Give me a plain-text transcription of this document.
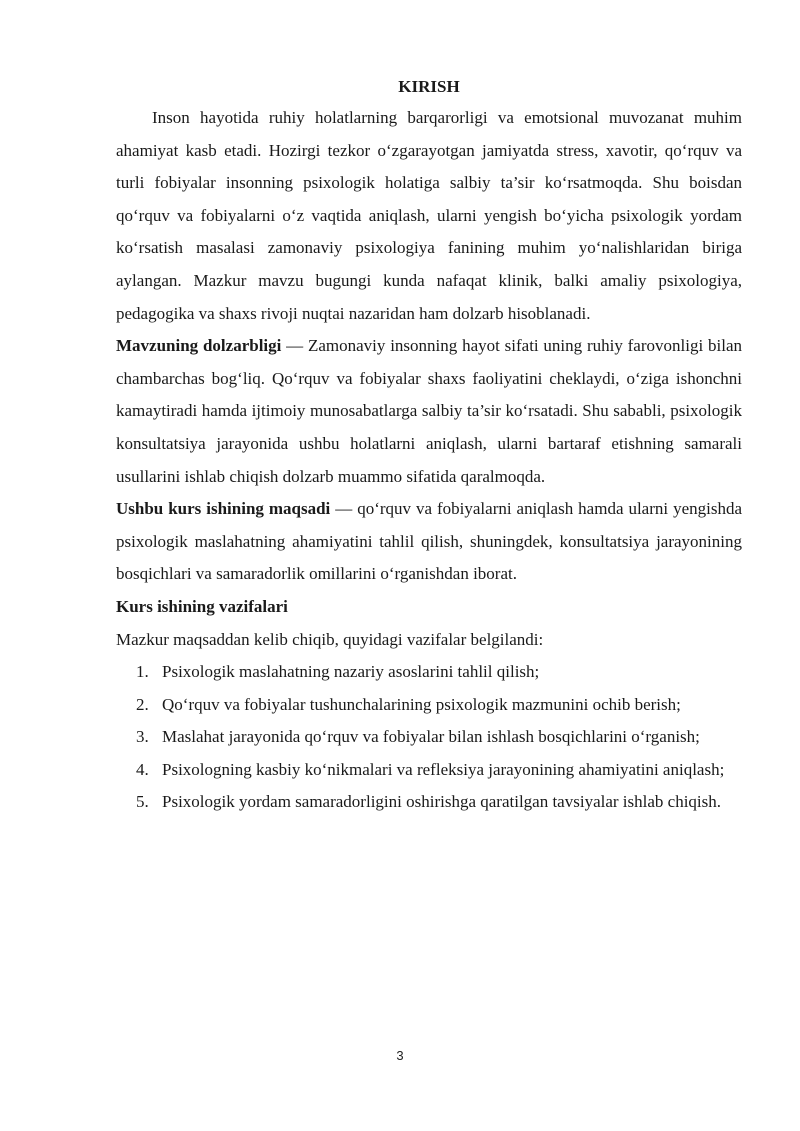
KIRISH

Inson hayotida ruhiy holatlarning barqarorligi va emotsional muvozanat muhim ahamiyat kasb etadi. Hozirgi tezkor o‘zgarayotgan jamiyatda stress, xavotir, qo‘rquv va turli fobiyalar insonning psixologik holatiga salbiy ta’sir ko‘rsatmoqda. Shu boisdan qo‘rquv va fobiyalarni o‘z vaqtida aniqlash, ularni yengish bo‘yicha psixologik yordam ko‘rsatish masalasi zamonaviy psixologiya fanining muhim yo‘nalishlaridan biriga aylangan. Mazkur mavzu bugungi kunda nafaqat klinik, balki amaliy psixologiya, pedagogika va shaxs rivoji nuqtai nazaridan ham dolzarb hisoblanadi.

Mavzuning dolzarbligi — Zamonaviy insonning hayot sifati uning ruhiy farovonligi bilan chambarchas bog‘liq. Qo‘rquv va fobiyalar shaxs faoliyatini cheklaydi, o‘ziga ishonchni kamaytiradi hamda ijtimoiy munosabatlarga salbiy ta’sir ko‘rsatadi. Shu sababli, psixologik konsultatsiya jarayonida ushbu holatlarni aniqlash, ularni bartaraf etishning samarali usullarini ishlab chiqish dolzarb muammo sifatida qaralmoqda.

Ushbu kurs ishining maqsadi — qo‘rquv va fobiyalarni aniqlash hamda ularni yengishda psixologik maslahatning ahamiyatini tahlil qilish, shuningdek, konsultatsiya jarayonining bosqichlari va samaradorlik omillarini o‘rganishdan iborat.

Kurs ishining vazifalari

Mazkur maqsaddan kelib chiqib, quyidagi vazifalar belgilandi:

1. Psixologik maslahatning nazariy asoslarini tahlil qilish;
2. Qo‘rquv va fobiyalar tushunchalarining psixologik mazmunini ochib berish;
3. Maslahat jarayonida qo‘rquv va fobiyalar bilan ishlash bosqichlarini o‘rganish;
4. Psixologning kasbiy ko‘nikmalari va refleksiya jarayonining ahamiyatini aniqlash;
5. Psixologik yordam samaradorligini oshirishga qaratilgan tavsiyalar ishlab chiqish.
3
